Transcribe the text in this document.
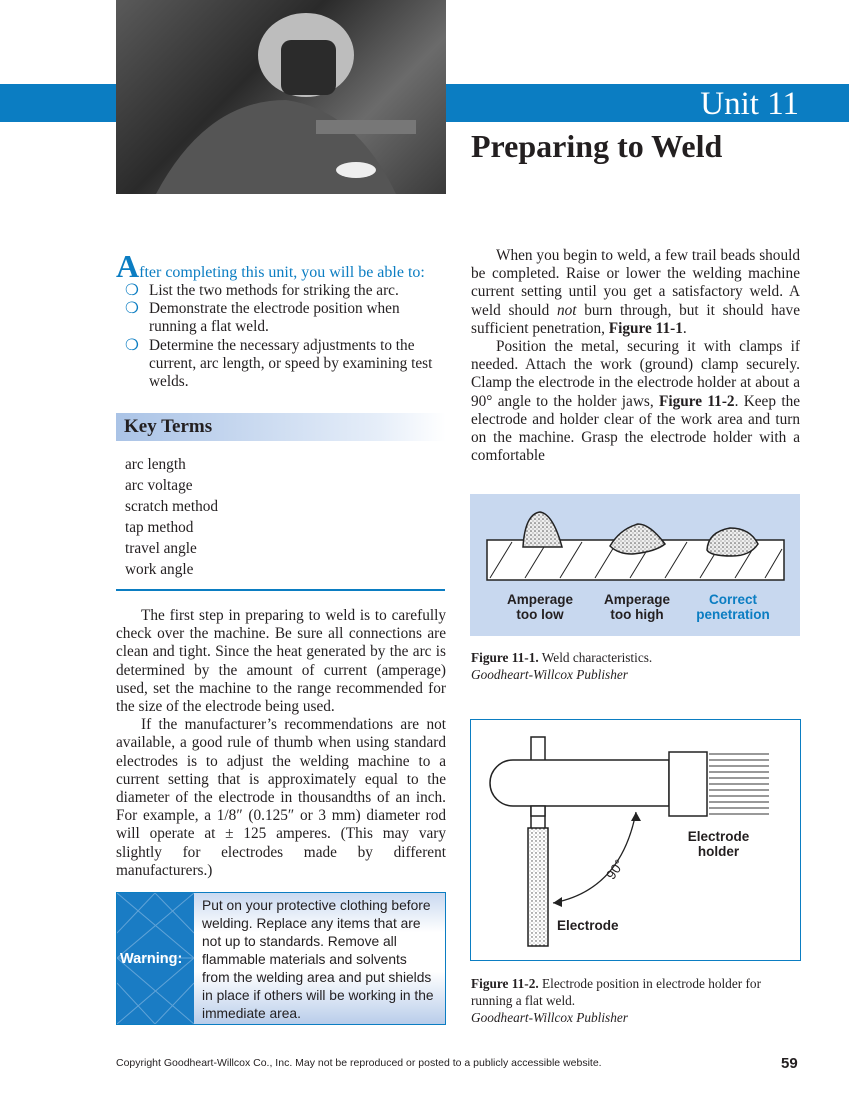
Unit 11
Preparing to Weld
After completing this unit, you will be able to:
❍ List the two methods for striking the arc.
❍ Demonstrate the electrode position when running a flat weld.
❍ Determine the necessary adjustments to the current, arc length, or speed by examining test welds.
Key Terms
arc length
arc voltage
scratch method
tap method
travel angle
work angle

The first step in preparing to weld is to carefully check over the machine. Be sure all connections are clean and tight. Since the heat generated by the arc is determined by the amount of current (amperage) used, set the machine to the range recommended for the size of the electrode being used.

If the manufacturer’s recommendations are not available, a good rule of thumb when using standard electrodes is to adjust the welding machine to a current setting that is approximately equal to the diameter of the electrode in thousandths of an inch. For example, a 1/8″ (0.125″ or 3 mm) diameter rod will operate at ± 125 amperes. (This may vary slightly for electrodes made by different manufacturers.)

Warning:
Put on your protective clothing before welding. Replace any items that are not up to standards. Remove all flammable materials and solvents from the welding area and put shields in place if others will be working in the immediate area.

When you begin to weld, a few trail beads should be completed. Raise or lower the welding machine current setting until you get a satisfactory weld. A weld should not burn through, but it should have sufficient penetration, Figure 11-1.

Position the metal, securing it with clamps if needed. Attach the work (ground) clamp securely. Clamp the electrode in the electrode holder at about a 90° angle to the holder jaws, Figure 11-2. Keep the electrode and holder clear of the work area and turn on the machine. Grasp the electrode holder with a comfortable

Amperage too low
Amperage too high
Correct penetration
Figure 11-1. Weld characteristics.
Goodheart-Willcox Publisher
Electrode holder
Electrode
90°
Figure 11-2. Electrode position in electrode holder for running a flat weld.
Goodheart-Willcox Publisher
Copyright Goodheart-Willcox Co., Inc. May not be reproduced or posted to a publicly accessible website.	59
